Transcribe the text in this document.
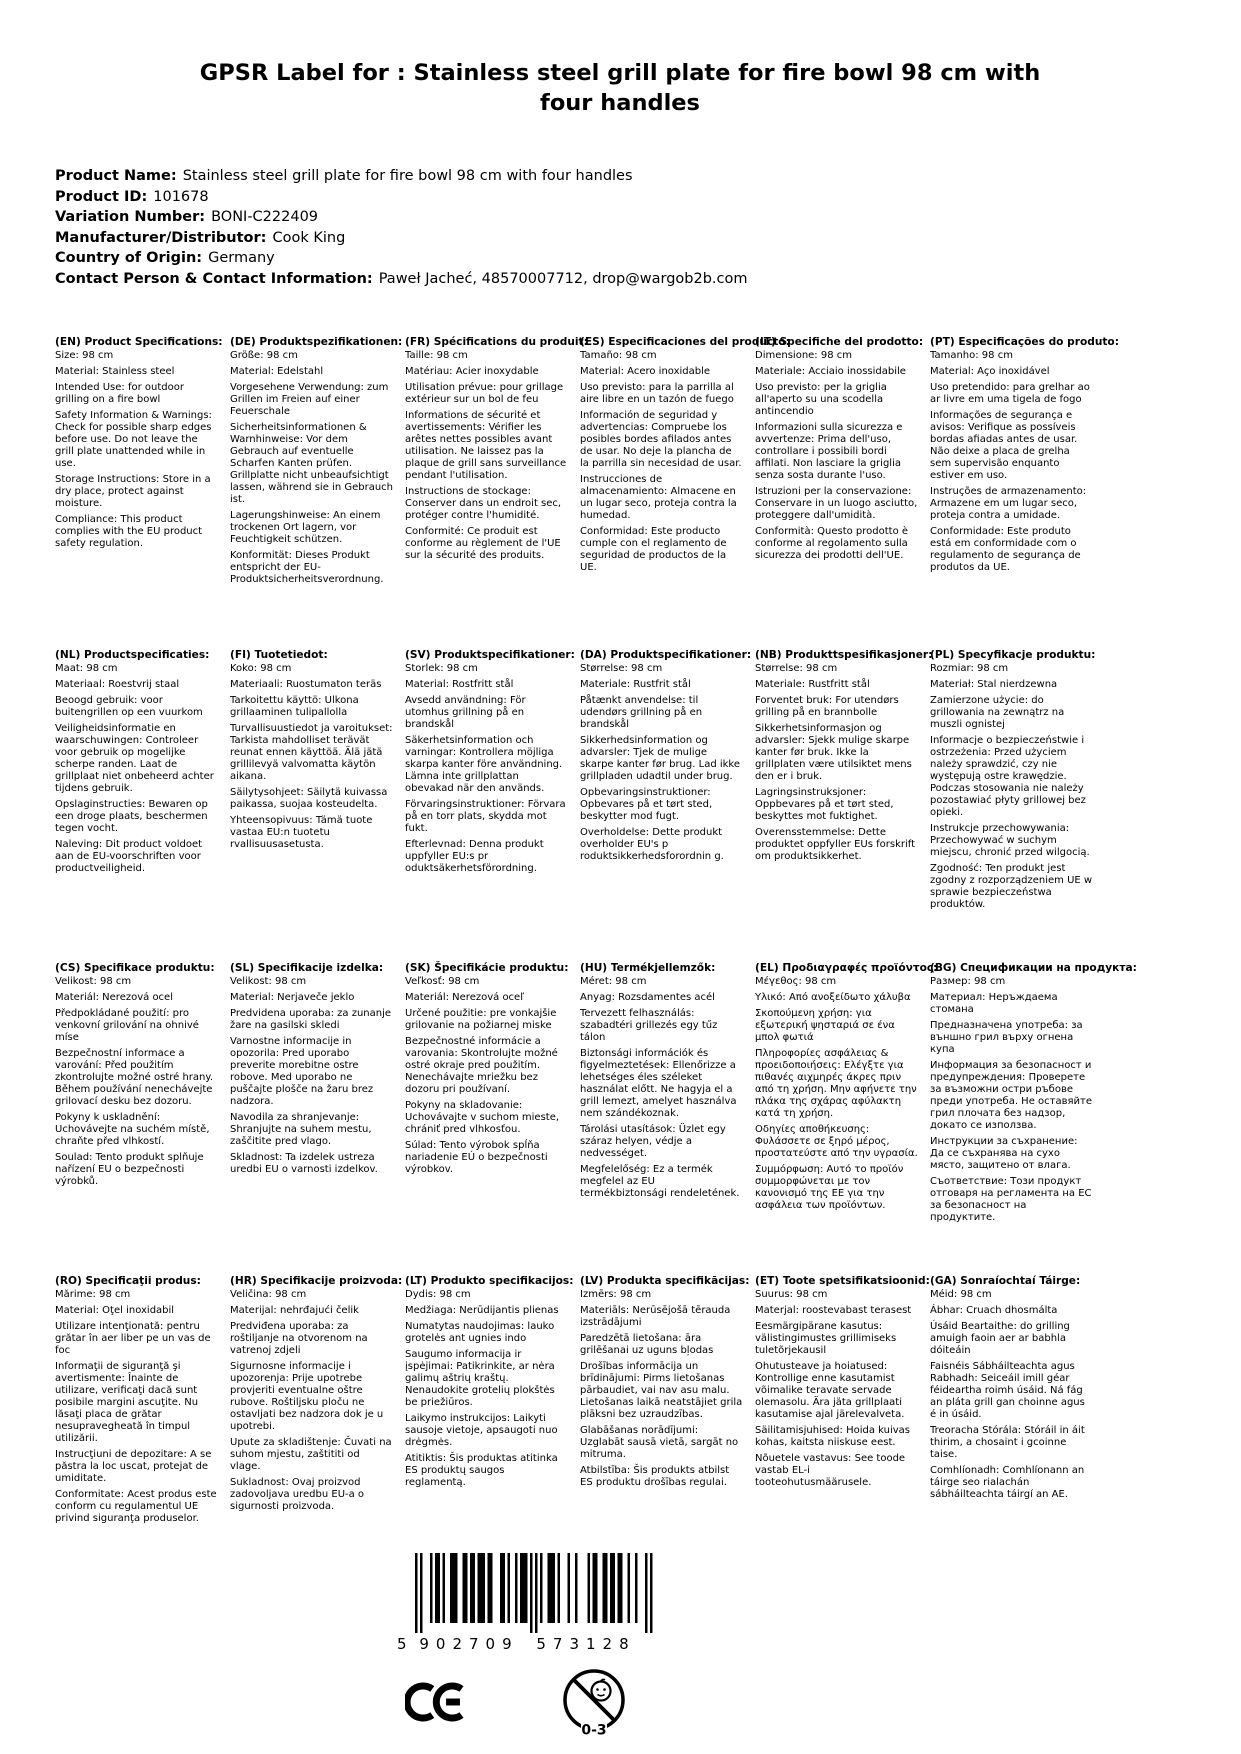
GPSR Label for : Stainless steel grill plate for fire bowl 98 cm with four handles
Product Name: Stainless steel grill plate for fire bowl 98 cm with four handles
Product ID: 101678
Variation Number: BONI-C222409
Manufacturer/Distributor: Cook King
Country of Origin: Germany
Contact Person & Contact Information: Paweł Jacheć, 48570007712, drop@wargob2b.com
(EN) Product Specifications:

Size: 98 cm

Material: Stainless steel

Intended Use: for outdoor grilling on a fire bowl

Safety Information & Warnings: Check for possible sharp edges before use. Do not leave the grill plate unattended while in use.

Storage Instructions: Store in a dry place, protect against moisture.

Compliance: This product complies with the EU product safety regulation.

(DE) Produktspezifikationen:

Größe: 98 cm

Material: Edelstahl

Vorgesehene Verwendung: zum Grillen im Freien auf einer Feuerschale

Sicherheitsinformationen & Warnhinweise: Vor dem Gebrauch auf eventuelle Scharfen Kanten prüfen. Grillplatte nicht unbeaufsichtigt lassen, während sie in Gebrauch ist.

Lagerungshinweise: An einem trockenen Ort lagern, vor Feuchtigkeit schützen.

Konformität: Dieses Produkt entspricht der EU-Produktsicherheitsverordnung.

(FR) Spécifications du produit:

Taille: 98 cm

Matériau: Acier inoxydable

Utilisation prévue: pour grillage extérieur sur un bol de feu

Informations de sécurité et avertissements: Vérifier les arêtes nettes possibles avant utilisation. Ne laissez pas la plaque de grill sans surveillance pendant l'utilisation.

Instructions de stockage: Conserver dans un endroit sec, protéger contre l'humidité.

Conformité: Ce produit est conforme au règlement de l'UE sur la sécurité des produits.

(ES) Especificaciones del producto:

Tamaño: 98 cm

Material: Acero inoxidable

Uso previsto: para la parrilla al aire libre en un tazón de fuego

Información de seguridad y advertencias: Compruebe los posibles bordes afilados antes de usar. No deje la plancha de la parrilla sin necesidad de usar.

Instrucciones de almacenamiento: Almacene en un lugar seco, proteja contra la humedad.

Conformidad: Este producto cumple con el reglamento de seguridad de productos de la UE.

(IT) Specifiche del prodotto:

Dimensione: 98 cm

Materiale: Acciaio inossidabile

Uso previsto: per la griglia all'aperto su una scodella antincendio

Informazioni sulla sicurezza e avvertenze: Prima dell'uso, controllare i possibili bordi affilati. Non lasciare la griglia senza sosta durante l'uso.

Istruzioni per la conservazione: Conservare in un luogo asciutto, proteggere dall'umidità.

Conformità: Questo prodotto è conforme al regolamento sulla sicurezza dei prodotti dell'UE.

(PT) Especificações do produto:

Tamanho: 98 cm

Material: Aço inoxidável

Uso pretendido: para grelhar ao ar livre em uma tigela de fogo

Informações de segurança e avisos: Verifique as possíveis bordas afiadas antes de usar. Não deixe a placa de grelha sem supervisão enquanto estiver em uso.

Instruções de armazenamento: Armazene em um lugar seco, proteja contra a umidade.

Conformidade: Este produto está em conformidade com o regulamento de segurança de produtos da UE.

(NL) Productspecificaties:

Maat: 98 cm

Materiaal: Roestvrij staal

Beoogd gebruik: voor buitengrillen op een vuurkom

Veiligheidsinformatie en waarschuwingen: Controleer voor gebruik op mogelijke scherpe randen. Laat de grillplaat niet onbeheerd achter tijdens gebruik.

Opslaginstructies: Bewaren op een droge plaats, beschermen tegen vocht.

Naleving: Dit product voldoet aan de EU-voorschriften voor productveiligheid.

(FI) Tuotetiedot:

Koko: 98 cm

Materiaali: Ruostumaton teräs

Tarkoitettu käyttö: Ulkona grillaaminen tulipallolla

Turvallisuustiedot ja varoitukset: Tarkista mahdolliset terävät reunat ennen käyttöä. Älä jätä grillilevyä valvomatta käytön aikana.

Säilytysohjeet: Säilytä kuivassa paikassa, suojaa kosteudelta.

Yhteensopivuus: Tämä tuote vastaa EU:n tuotetu rvallisuusasetusta.

(SV) Produktspecifikationer:

Storlek: 98 cm

Material: Rostfritt stål

Avsedd användning: För utomhus grillning på en brandskål

Säkerhetsinformation och varningar: Kontrollera möjliga skarpa kanter före användning. Lämna inte grillplattan obevakad när den används.

Förvaringsinstruktioner: Förvara på en torr plats, skydda mot fukt.

Efterlevnad: Denna produkt uppfyller EU:s pr oduktsäkerhetsförordning.

(DA) Produktspecifikationer:

Størrelse: 98 cm

Materiale: Rustfrit stål

Påtænkt anvendelse: til udendørs grillning på en brandskål

Sikkerhedsinformation og advarsler: Tjek de mulige skarpe kanter før brug. Lad ikke grillpladen udadtil under brug.

Opbevaringsinstruktioner: Opbevares på et tørt sted, beskytter mod fugt.

Overholdelse: Dette produkt overholder EU's p roduktsikkerhedsforordnin g.

(NB) Produkttspesifikasjoner:

Størrelse: 98 cm

Materiale: Rustfritt stål

Forventet bruk: For utendørs grilling på en brannbolle

Sikkerhetsinformasjon og advarsler: Sjekk mulige skarpe kanter før bruk. Ikke la grillplaten være utilsiktet mens den er i bruk.

Lagringsinstruksjoner: Oppbevares på et tørt sted, beskyttes mot fuktighet.

Overensstemmelse: Dette produktet oppfyller EUs forskrift om produktsikkerhet.

(PL) Specyfikacje produktu:

Rozmiar: 98 cm

Materiał: Stal nierdzewna

Zamierzone użycie: do grillowania na zewnątrz na muszli ognistej

Informacje o bezpieczeństwie i ostrzeżenia: Przed użyciem należy sprawdzić, czy nie występują ostre krawędzie. Podczas stosowania nie należy pozostawiać płyty grillowej bez opieki.

Instrukcje przechowywania: Przechowywać w suchym miejscu, chronić przed wilgocią.

Zgodność: Ten produkt jest zgodny z rozporządzeniem UE w sprawie bezpieczeństwa produktów.

(CS) Specifikace produktu:

Velikost: 98 cm

Materiál: Nerezová ocel

Předpokládané použití: pro venkovní grilování na ohnivé míse

Bezpečnostní informace a varování: Před použitím zkontrolujte možné ostré hrany. Během používání nenechávejte grilovací desku bez dozoru.

Pokyny k uskladnění: Uchovávejte na suchém místě, chraňte před vlhkostí.

Soulad: Tento produkt splňuje nařízení EU o bezpečnosti výrobků.

(SL) Specifikacije izdelka:

Velikost: 98 cm

Material: Nerjaveče jeklo

Predvidena uporaba: za zunanje žare na gasilski skledi

Varnostne informacije in opozorila: Pred uporabo preverite morebitne ostre robove. Med uporabo ne puščajte plošče na žaru brez nadzora.

Navodila za shranjevanje: Shranjujte na suhem mestu, zaščitite pred vlago.

Skladnost: Ta izdelek ustreza uredbi EU o varnosti izdelkov.

(SK) Špecifikácie produktu:

Veľkosť: 98 cm

Materiál: Nerezová oceľ

Určené použitie: pre vonkajšie grilovanie na požiarnej miske

Bezpečnostné informácie a varovania: Skontrolujte možné ostré okraje pred použitím. Nenechávajte mriežku bez dozoru pri používaní.

Pokyny na skladovanie: Uchovávajte v suchom mieste, chrániť pred vlhkosťou.

Súlad: Tento výrobok spĺňa nariadenie EÚ o bezpečnosti výrobkov.

(HU) Termékjellemzők:

Méret: 98 cm

Anyag: Rozsdamentes acél

Tervezett felhasználás: szabadtéri grillezés egy tűz tálon

Biztonsági információk és figyelmeztetések: Ellenőrizze a lehetséges éles széleket használat előtt. Ne hagyja el a grill lemezt, amelyet használva nem szándékoznak.

Tárolási utasítások: Üzlet egy száraz helyen, védje a nedvességet.

Megfelelőség: Ez a termék megfelel az EU termékbiztonsági rendeletének.

(EL) Προδιαγραφές προϊόντος:

Μέγεθος: 98 cm

Υλικό: Από ανοξείδωτο χάλυβα

Σκοπούμενη χρήση: για εξωτερική ψησταριά σε ένα μπολ φωτιά

Πληροφορίες ασφάλειας & προειδοποιήσεις: Ελέγξτε για πιθανές αιχμηρές άκρες πριν από τη χρήση. Μην αφήνετε την πλάκα της σχάρας αφύλακτη κατά τη χρήση.

Οδηγίες αποθήκευσης: Φυλάσσετε σε ξηρό μέρος, προστατεύστε από την υγρασία.

Συμμόρφωση: Αυτό το προϊόν συμμορφώνεται με τον κανονισμό της ΕΕ για την ασφάλεια των προϊόντων.

(BG) Спецификации на продукта:

Размер: 98 cm

Материал: Неръждаема стомана

Предназначена употреба: за външно грил върху огнена купа

Информация за безопасност и предупреждения: Проверете за възможни остри ръбове преди употреба. Не оставяйте грил плочата без надзор, докато се използва.

Инструкции за съхранение: Да се съхранява на сухо място, защитено от влага.

Съответствие: Този продукт отговаря на регламента на ЕС за безопасност на продуктите.

(RO) Specificaţii produs:

Mărime: 98 cm

Material: Oţel inoxidabil

Utilizare intenţionată: pentru grătar în aer liber pe un vas de foc

Informaţii de siguranţă şi avertismente: Înainte de utilizare, verificaţi dacă sunt posibile margini ascuţite. Nu lăsaţi placa de grătar nesupravegheată în timpul utilizării.

Instrucţiuni de depozitare: A se păstra la loc uscat, protejat de umiditate.

Conformitate: Acest produs este conform cu regulamentul UE privind siguranţa produselor.

(HR) Specifikacije proizvoda:

Veličina: 98 cm

Materijal: nehrđajući čelik

Predviđena uporaba: za roštiljanje na otvorenom na vatrenoj zdjeli

Sigurnosne informacije i upozorenja: Prije upotrebe provjeriti eventualne oštre rubove. Roštiljsku ploču ne ostavljati bez nadzora dok je u upotrebi.

Upute za skladištenje: Čuvati na suhom mjestu, zaštititi od vlage.

Sukladnost: Ovaj proizvod zadovoljava uredbu EU-a o sigurnosti proizvoda.

(LT) Produkto specifikacijos:

Dydis: 98 cm

Medžiaga: Nerūdijantis plienas

Numatytas naudojimas: lauko grotelės ant ugnies indo

Saugumo informacija ir įspėjimai: Patikrinkite, ar nėra galimų aštrių kraštų. Nenaudokite grotelių plokštės be priežiūros.

Laikymo instrukcijos: Laikyti sausoje vietoje, apsaugoti nuo drėgmės.

Atitiktis: Šis produktas atitinka ES produktų saugos reglamentą.

(LV) Produkta specifikācijas:

Izmērs: 98 cm

Materiāls: Nerūsējošā tērauda izstrādājumi

Paredzētā lietošana: āra grilēšanai uz uguns bļodas

Drošības informācija un brīdinājumi: Pirms lietošanas pārbaudiet, vai nav asu malu. Lietošanas laikā neatstājiet grila plāksni bez uzraudzības.

Glabāšanas norādījumi: Uzglabāt sausā vietā, sargāt no mitruma.

Atbilstība: Šis produkts atbilst ES produktu drošības regulai.

(ET) Toote spetsifikatsioonid:

Suurus: 98 cm

Materjal: roostevabast terasest

Eesmärgipärane kasutus: välistingimustes grillimiseks tuletõrjekausil

Ohutusteave ja hoiatused: Kontrollige enne kasutamist võimalike teravate servade olemasolu. Ära jäta grillplaati kasutamise ajal järelevalveta.

Säilitamisjuhised: Hoida kuivas kohas, kaitsta niiskuse eest.

Nõuetele vastavus: See toode vastab EL-i tooteohutusmäärusele.

(GA) Sonraíochtaí Táirge:

Méid: 98 cm

Ábhar: Cruach dhosmálta

Úsáid Beartaithe: do grilling amuigh faoin aer ar babhla dóiteáin

Faisnéis Sábháilteachta agus Rabhadh: Seiceáil imill géar féideartha roimh úsáid. Ná fág an pláta grill gan choinne agus é in úsáid.

Treoracha Stórála: Stóráil in áit thirim, a chosaint i gcoinne taise.

Comhlíonadh: Comhlíonann an táirge seo rialachán sábháilteachta táirgí an AE.

5 902709 573128
0-3
